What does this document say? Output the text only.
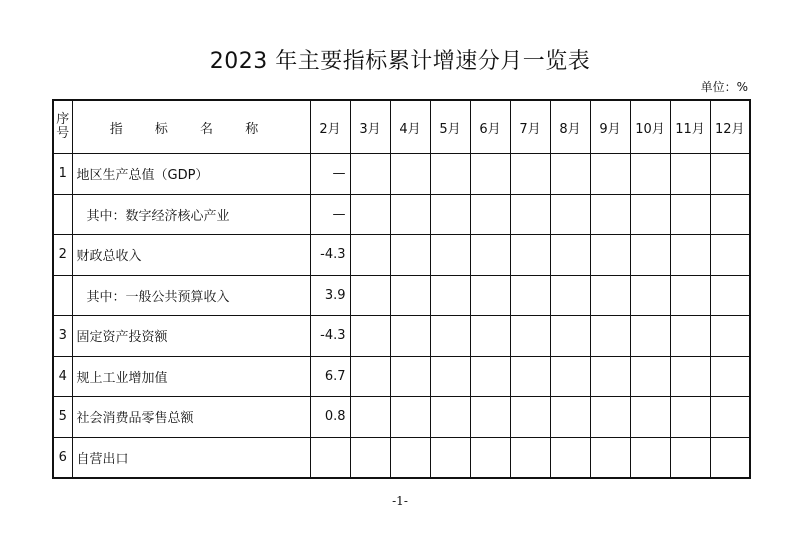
2023 年主要指标累计增速分月一览表
单位：%
序号	指 标 名 称	2月	3月	4月	5月	6月	7月	8月	9月	10月	11月	12月
1	地区生产总值（GDP）	—										
	其中：数字经济核心产业	—										
2	财政总收入	-4.3										
	其中：一般公共预算收入	3.9										
3	固定资产投资额	-4.3										
4	规上工业增加值	6.7										
5	社会消费品零售总额	0.8										
6	自营出口											
-1-
